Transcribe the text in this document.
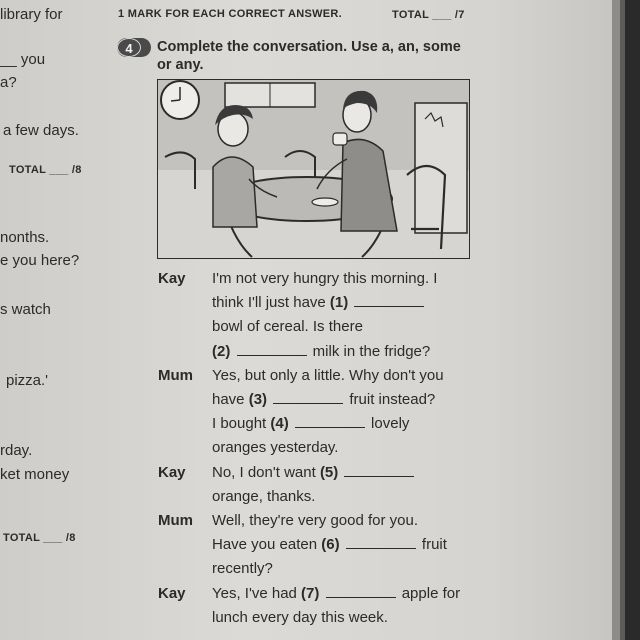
1 MARK FOR EACH CORRECT ANSWER.	TOTAL ___ /7
library for
__ you
a?
a few days.
TOTAL ___ /8
nonths.
e you here?
s watch
pizza.'
rday.
ket money
TOTAL ___ /8
4	Complete the conversation. Use a, an, some
or any.
Kay I'm not very hungry this morning. I
think I'll just have (1)
bowl of cereal. Is there
(2)	milk in the fridge?
Mum Yes, but only a little. Why don't you
have (3)	fruit instead?
I bought (4)	lovely
oranges yesterday.
Kay No, I don't want (5)
orange, thanks.
Mum Well, they're very good for you.
Have you eaten (6)	fruit
recently?
Kay Yes, I've had (7)	apple for
lunch every day this week.
